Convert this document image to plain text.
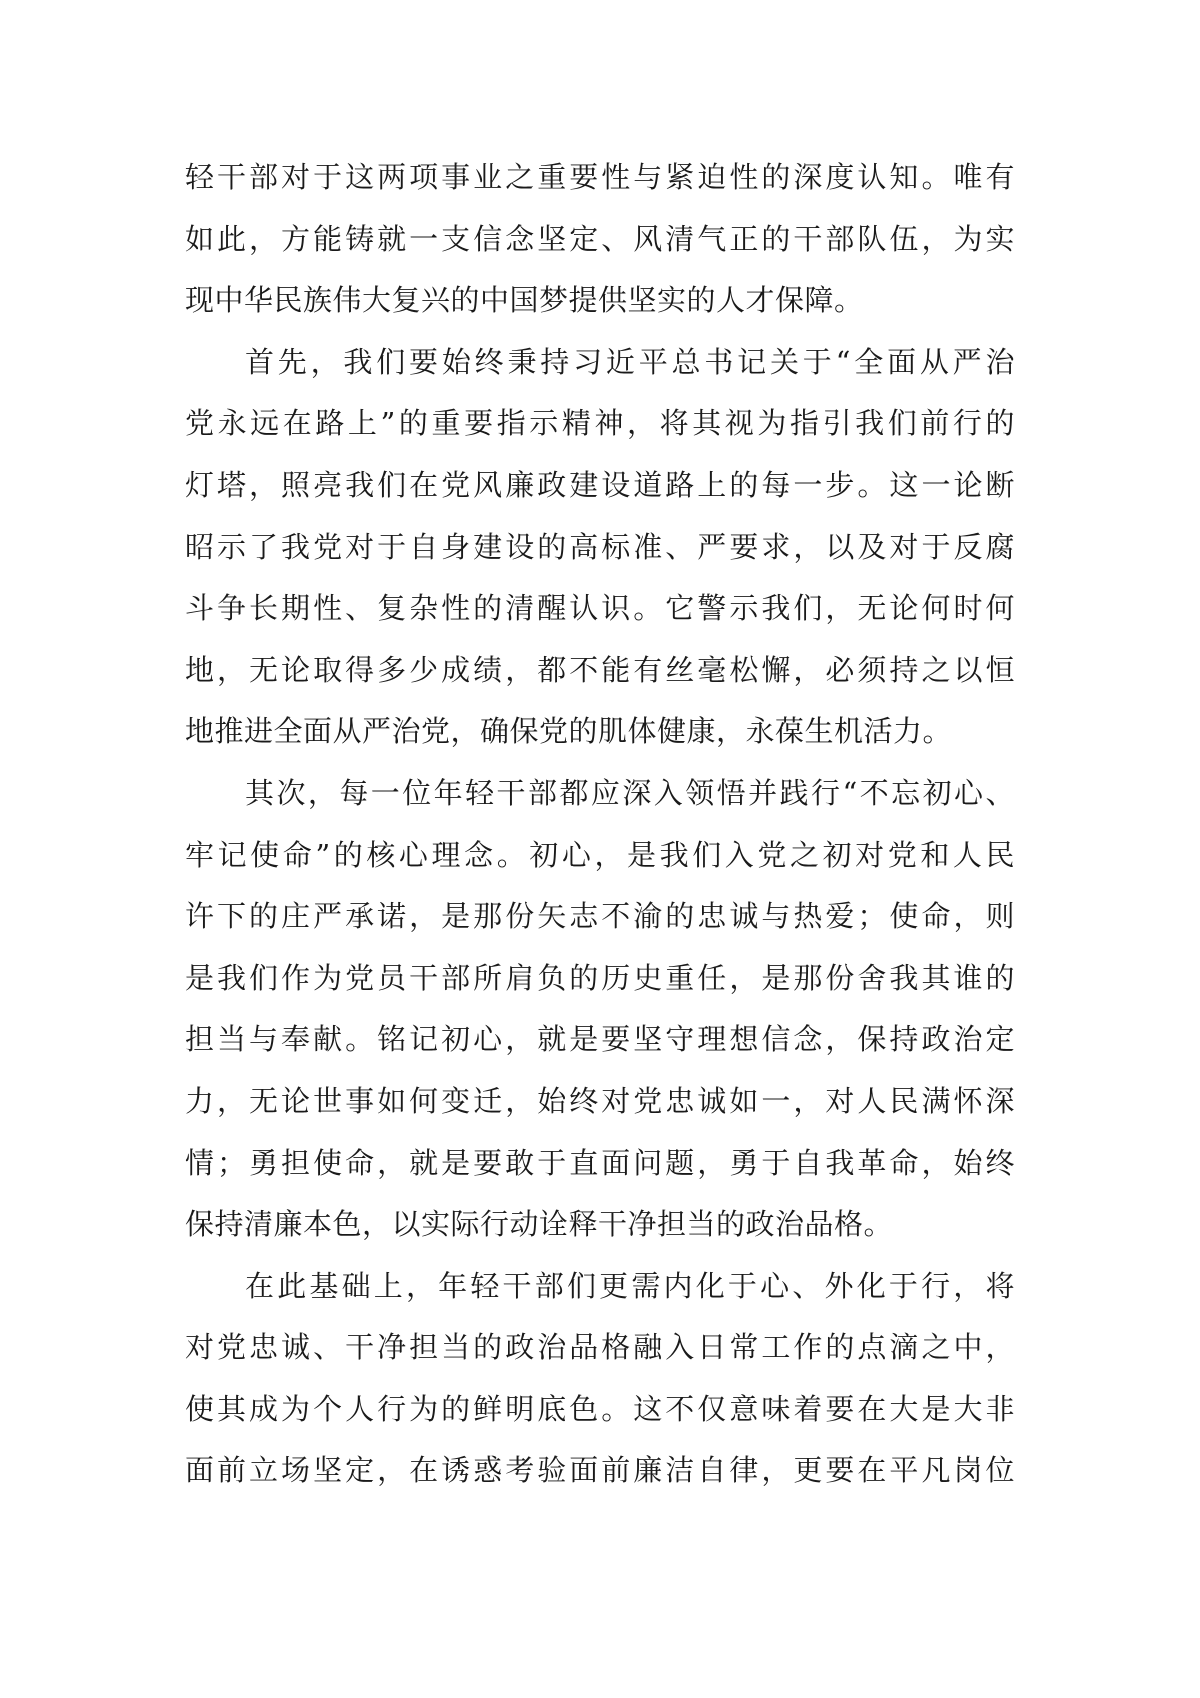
轻干部对于这两项事业之重要性与紧迫性的深度认知。唯有
如此，方能铸就一支信念坚定、风清气正的干部队伍，为实
现中华民族伟大复兴的中国梦提供坚实的人才保障。
首先，我们要始终秉持习近平总书记关于“全面从严治
党永远在路上”的重要指示精神，将其视为指引我们前行的
灯塔，照亮我们在党风廉政建设道路上的每一步。这一论断
昭示了我党对于自身建设的高标准、严要求，以及对于反腐
斗争长期性、复杂性的清醒认识。它警示我们，无论何时何
地，无论取得多少成绩，都不能有丝毫松懈，必须持之以恒
地推进全面从严治党，确保党的肌体健康，永葆生机活力。
其次，每一位年轻干部都应深入领悟并践行“不忘初心、
牢记使命”的核心理念。初心，是我们入党之初对党和人民
许下的庄严承诺，是那份矢志不渝的忠诚与热爱；使命，则
是我们作为党员干部所肩负的历史重任，是那份舍我其谁的
担当与奉献。铭记初心，就是要坚守理想信念，保持政治定
力，无论世事如何变迁，始终对党忠诚如一，对人民满怀深
情；勇担使命，就是要敢于直面问题，勇于自我革命，始终
保持清廉本色，以实际行动诠释干净担当的政治品格。
在此基础上，年轻干部们更需内化于心、外化于行，将
对党忠诚、干净担当的政治品格融入日常工作的点滴之中，
使其成为个人行为的鲜明底色。这不仅意味着要在大是大非
面前立场坚定，在诱惑考验面前廉洁自律，更要在平凡岗位
